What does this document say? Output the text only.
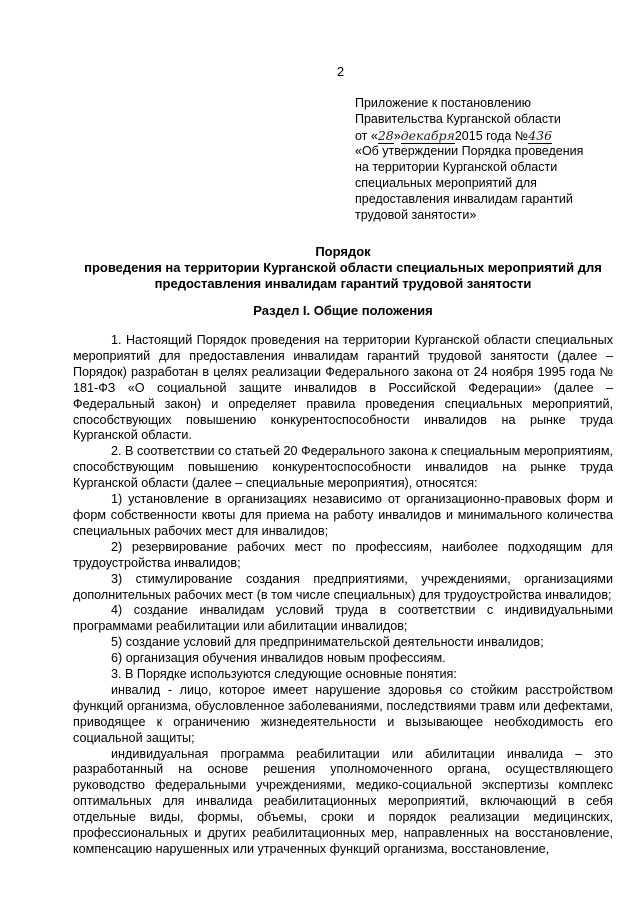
2
Приложение к постановлению
Правительства Курганской области
от «28»декабря2015 года №436
«Об утверждении Порядка проведения
на территории Курганской области
специальных мероприятий для
предоставления инвалидам гарантий
трудовой занятости»
Порядок
проведения на территории Курганской области специальных мероприятий для
предоставления инвалидам гарантий трудовой занятости
Раздел I. Общие положения

1. Настоящий Порядок проведения на территории Курганской области специальных мероприятий для предоставления инвалидам гарантий трудовой занятости (далее – Порядок) разработан в целях реализации Федерального закона от 24 ноября 1995 года № 181-ФЗ «О социальной защите инвалидов в Российской Федерации» (далее – Федеральный закон) и определяет правила проведения специальных мероприятий, способствующих повышению конкурентоспособности инвалидов на рынке труда Курганской области.

2. В соответствии со статьей 20 Федерального закона к специальным мероприятиям, способствующим повышению конкурентоспособности инвалидов на рынке труда Курганской области (далее – специальные мероприятия), относятся:

1) установление в организациях независимо от организационно-правовых форм и форм собственности квоты для приема на работу инвалидов и минимального количества специальных рабочих мест для инвалидов;

2) резервирование рабочих мест по профессиям, наиболее подходящим для трудоустройства инвалидов;

3) стимулирование создания предприятиями, учреждениями, организациями дополнительных рабочих мест (в том числе специальных) для трудоустройства инвалидов;

4) создание инвалидам условий труда в соответствии с индивидуальными программами реабилитации или абилитации инвалидов;

5) создание условий для предпринимательской деятельности инвалидов;

6) организация обучения инвалидов новым профессиям.

3. В Порядке используются следующие основные понятия:

инвалид - лицо, которое имеет нарушение здоровья со стойким расстройством функций организма, обусловленное заболеваниями, последствиями травм или дефектами, приводящее к ограничению жизнедеятельности и вызывающее необходимость его социальной защиты;

индивидуальная программа реабилитации или абилитации инвалида – это разработанный на основе решения уполномоченного органа, осуществляющего руководство федеральными учреждениями, медико-социальной экспертизы комплекс оптимальных для инвалида реабилитационных мероприятий, включающий в себя отдельные виды, формы, объемы, сроки и порядок реализации медицинских, профессиональных и других реабилитационных мер, направленных на восстановление, компенсацию нарушенных или утраченных функций организма, восстановление,
